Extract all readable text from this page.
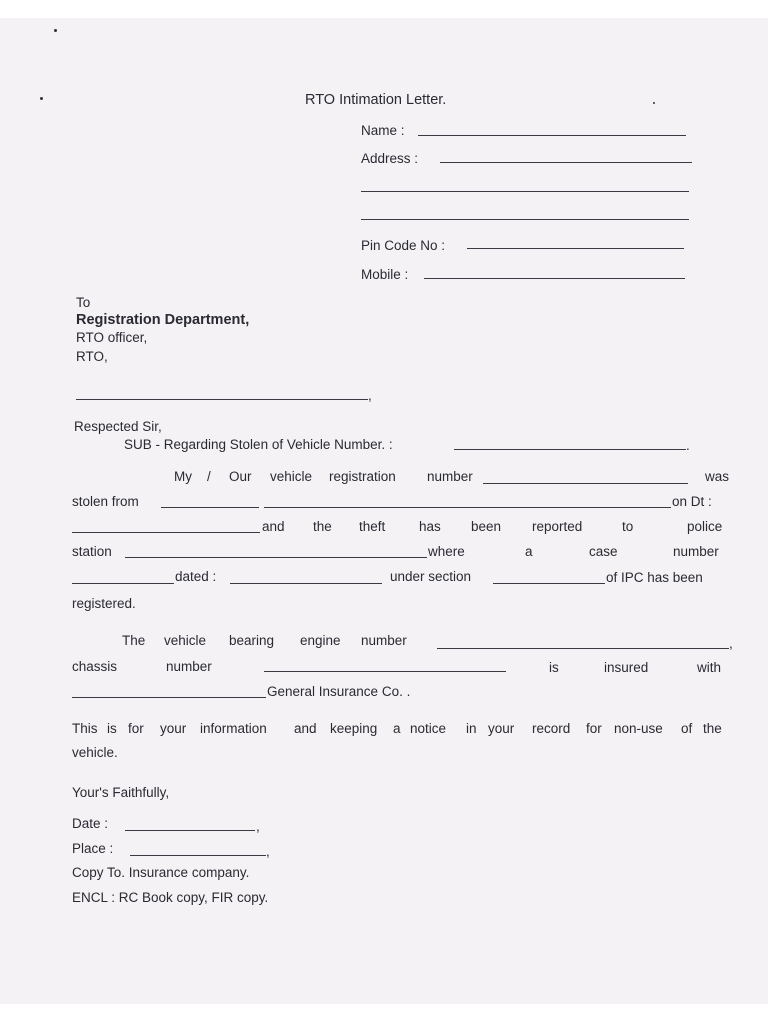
RTO Intimation Letter.
Name :
Address :
Pin Code No :
Mobile :
To
Registration Department,
RTO officer,
RTO,
,
Respected Sir,
SUB - Regarding Stolen of Vehicle Number. :	.
My / Our vehicle registration number	was
stolen from	on Dt :
and the theft has been reported	to	police
station	where	a	case	number
dated :	under section	of IPC has been
registered.
The vehicle bearing engine number	,
chassis	number	is	insured	with
General Insurance Co. .
This is for your information and keeping a notice in your record for non-use of the
vehicle.
Your's Faithfully,
Date :	,
Place :	,
Copy To. Insurance company.
ENCL : RC Book copy, FIR copy.
